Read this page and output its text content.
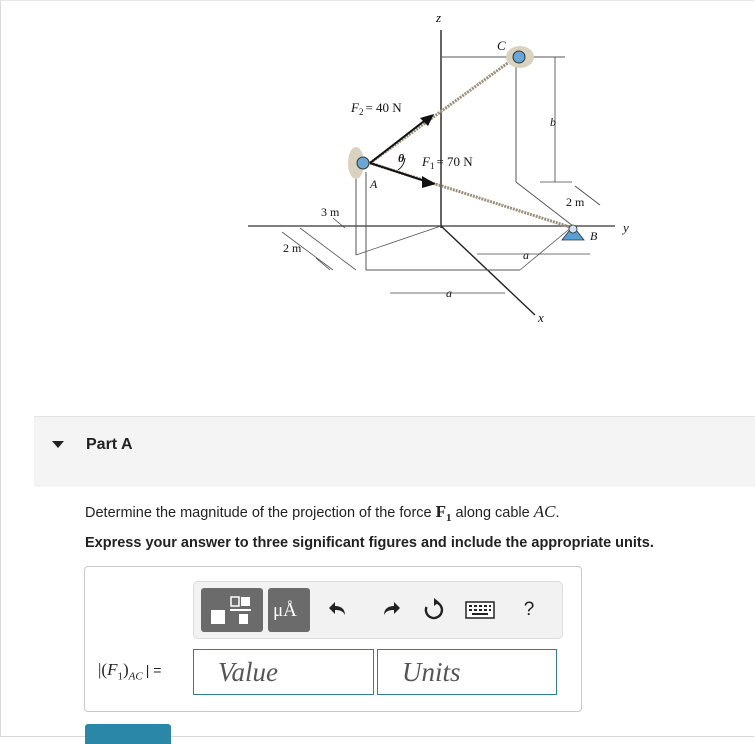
z
x
y
C
A
B
$F_2 = 40$ N
$F_1 = 70$ N
θ
b
2 m
3 m
2 m	a
a
Part A
Determine the magnitude of the projection of the force $F_1$ along cable AC.
Express your answer to three significant figures and include the appropriate units.
μÅ	?
$|(F_1)_{AC}$ | =
Value
Units
